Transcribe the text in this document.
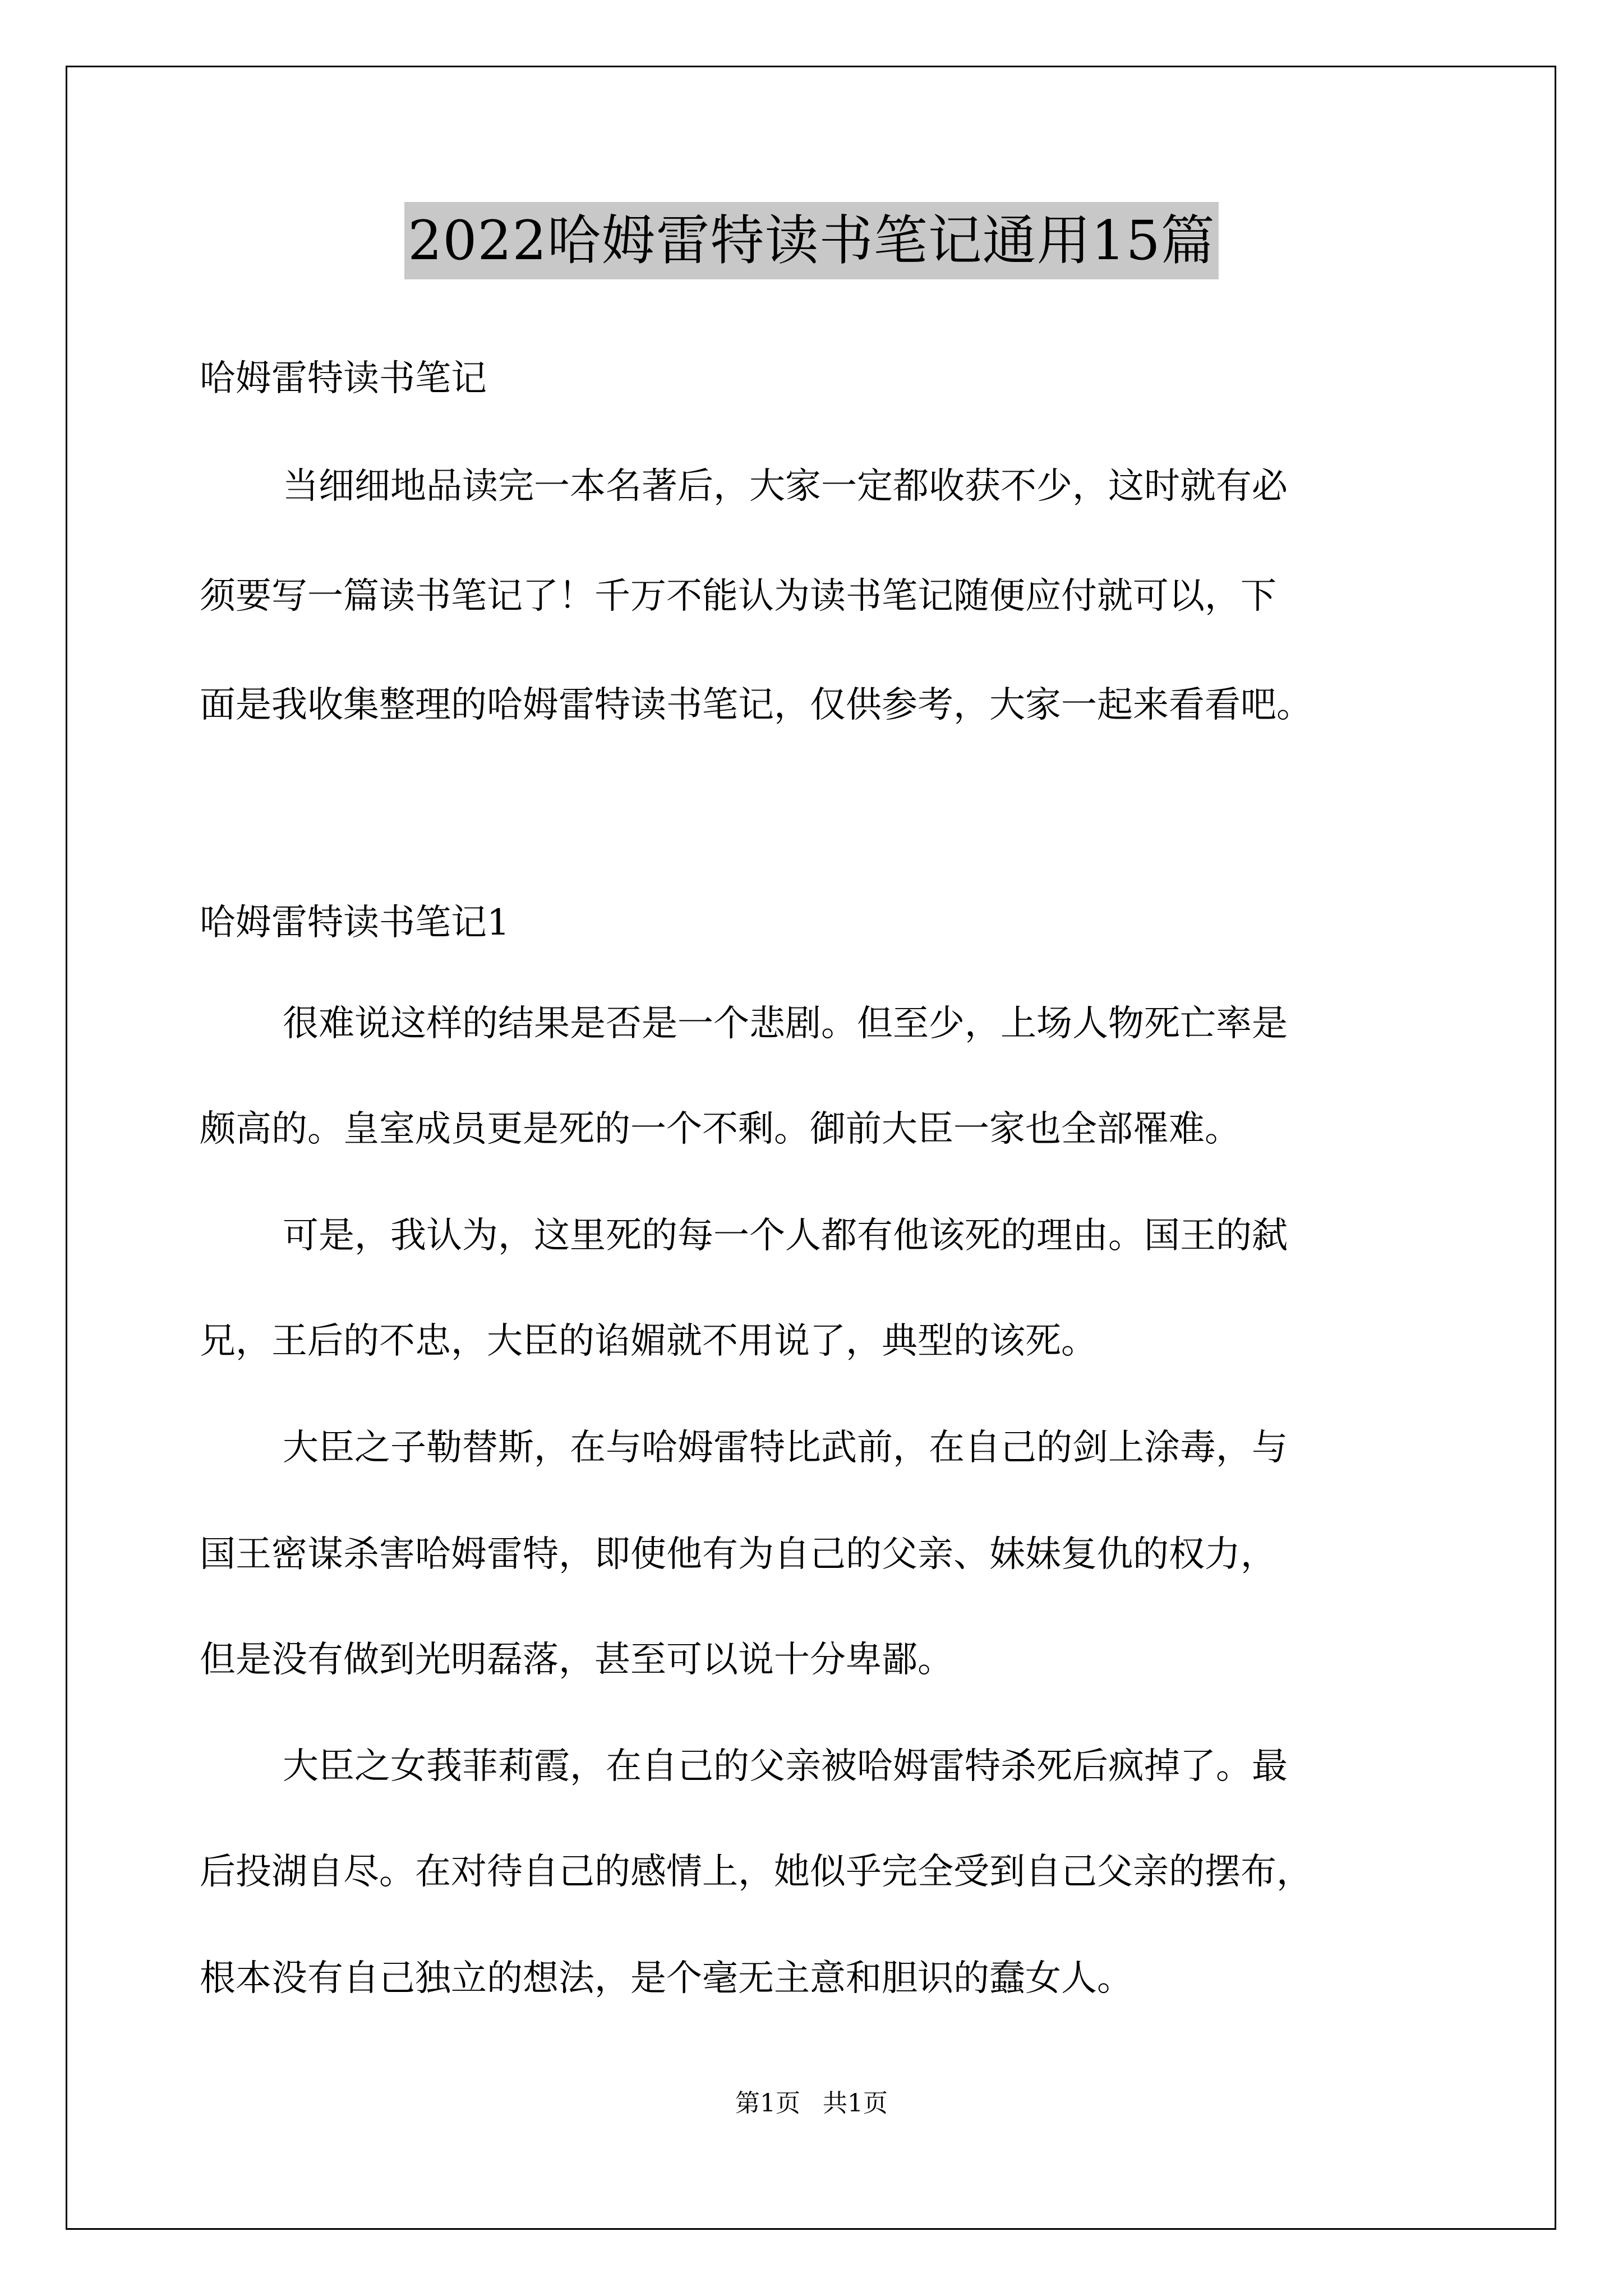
2022哈姆雷特读书笔记通用15篇
哈姆雷特读书笔记
当细细地品读完一本名著后，大家一定都收获不少，这时就有必
须要写一篇读书笔记了！千万不能认为读书笔记随便应付就可以，下
面是我收集整理的哈姆雷特读书笔记，仅供参考，大家一起来看看吧。
哈姆雷特读书笔记1
很难说这样的结果是否是一个悲剧。但至少，上场人物死亡率是
颇高的。皇室成员更是死的一个不剩。御前大臣一家也全部罹难。
可是，我认为，这里死的每一个人都有他该死的理由。国王的弑
兄，王后的不忠，大臣的谄媚就不用说了，典型的该死。
大臣之子勒替斯，在与哈姆雷特比武前，在自己的剑上涂毒，与
国王密谋杀害哈姆雷特，即使他有为自己的父亲、妹妹复仇的权力，
但是没有做到光明磊落，甚至可以说十分卑鄙。
大臣之女莪菲莉霞，在自己的父亲被哈姆雷特杀死后疯掉了。最
后投湖自尽。在对待自己的感情上，她似乎完全受到自己父亲的摆布，
根本没有自己独立的想法，是个毫无主意和胆识的蠢女人。
第1页 共1页
